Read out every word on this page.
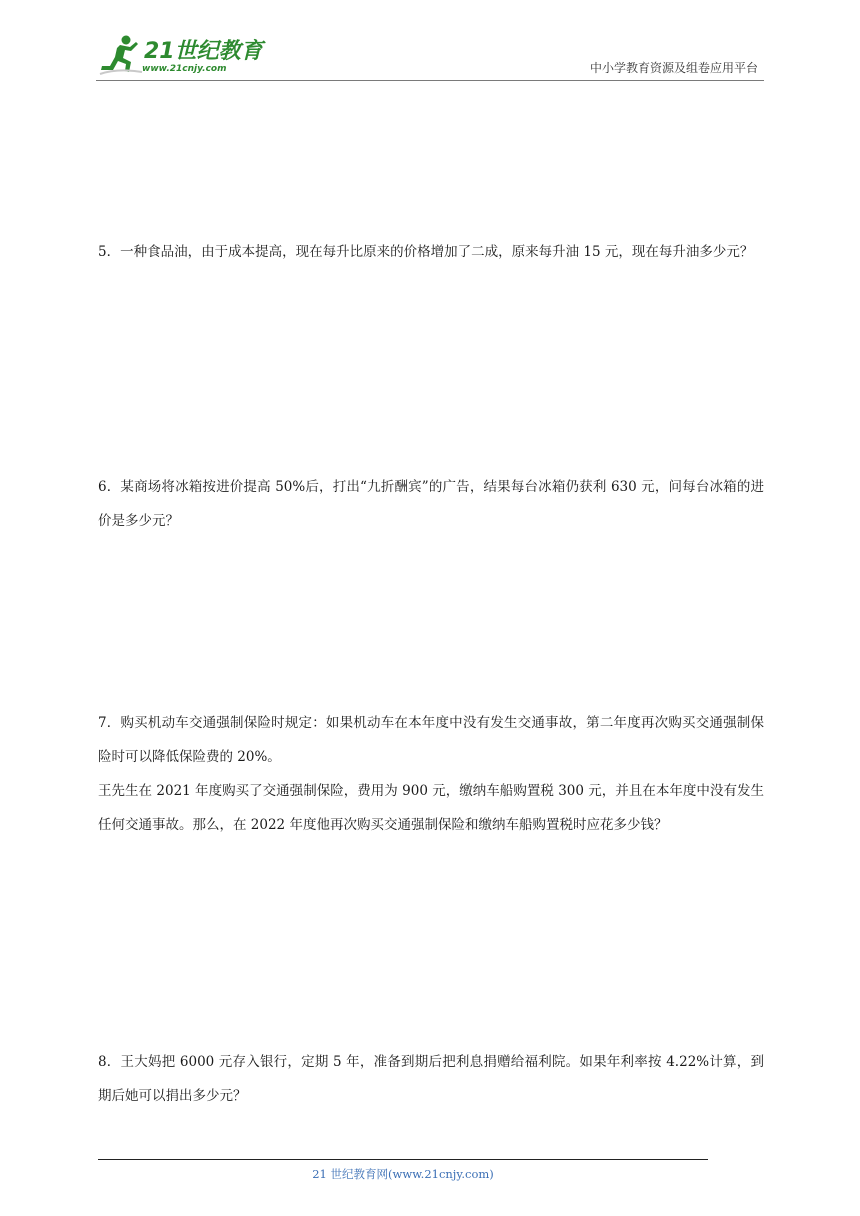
21世纪教育
www.21cnjy.com	中小学教育资源及组卷应用平台

5．一种食品油，由于成本提高，现在每升比原来的价格增加了二成，原来每升油 15 元，现在每升油多少元？

6．某商场将冰箱按进价提高 50%后，打出“九折酬宾”的广告，结果每台冰箱仍获利 630 元，问每台冰箱的进价是多少元？

7．购买机动车交通强制保险时规定：如果机动车在本年度中没有发生交通事故，第二年度再次购买交通强制保险时可以降低保险费的 20%。

王先生在 2021 年度购买了交通强制保险，费用为 900 元，缴纳车船购置税 300 元，并且在本年度中没有发生任何交通事故。那么，在 2022 年度他再次购买交通强制保险和缴纳车船购置税时应花多少钱？

8．王大妈把 6000 元存入银行，定期 5 年，准备到期后把利息捐赠给福利院。如果年利率按 4.22%计算，到期后她可以捐出多少元？

21 世纪教育网(www.21cnjy.com)
